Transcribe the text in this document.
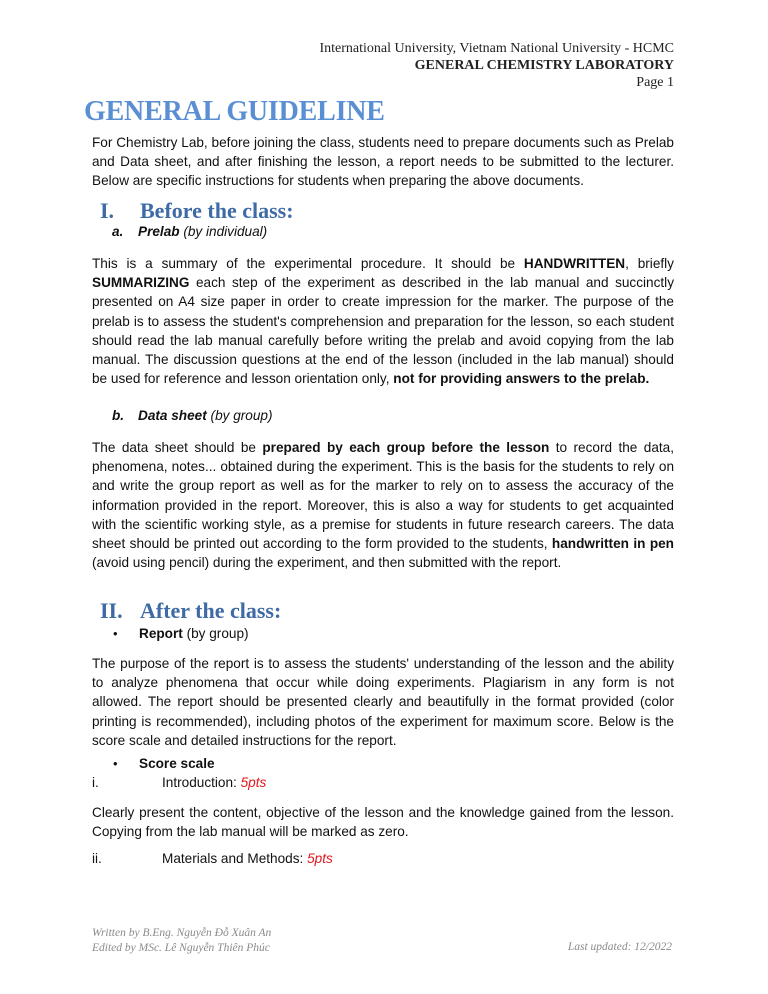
International University, Vietnam National University - HCMC
GENERAL CHEMISTRY LABORATORY
Page 1
GENERAL GUIDELINE
For Chemistry Lab, before joining the class, students need to prepare documents such as Prelab and Data sheet, and after finishing the lesson, a report needs to be submitted to the lecturer. Below are specific instructions for students when preparing the above documents.
I. Before the class:
a. Prelab (by individual)
This is a summary of the experimental procedure. It should be HANDWRITTEN, briefly SUMMARIZING each step of the experiment as described in the lab manual and succinctly presented on A4 size paper in order to create impression for the marker. The purpose of the prelab is to assess the student's comprehension and preparation for the lesson, so each student should read the lab manual carefully before writing the prelab and avoid copying from the lab manual. The discussion questions at the end of the lesson (included in the lab manual) should be used for reference and lesson orientation only, not for providing answers to the prelab.
b. Data sheet (by group)
The data sheet should be prepared by each group before the lesson to record the data, phenomena, notes... obtained during the experiment. This is the basis for the students to rely on and write the group report as well as for the marker to rely on to assess the accuracy of the information provided in the report. Moreover, this is also a way for students to get acquainted with the scientific working style, as a premise for students in future research careers. The data sheet should be printed out according to the form provided to the students, handwritten in pen (avoid using pencil) during the experiment, and then submitted with the report.
II. After the class:
• Report (by group)
The purpose of the report is to assess the students' understanding of the lesson and the ability to analyze phenomena that occur while doing experiments. Plagiarism in any form is not allowed. The report should be presented clearly and beautifully in the format provided (color printing is recommended), including photos of the experiment for maximum score. Below is the score scale and detailed instructions for the report.
• Score scale
i.	Introduction: 5pts
Clearly present the content, objective of the lesson and the knowledge gained from the lesson. Copying from the lab manual will be marked as zero.
ii.	Materials and Methods: 5pts
Written by B.Eng. Nguyễn Đỗ Xuân An
Edited by MSc. Lê Nguyễn Thiên Phúc	Last updated: 12/2022
